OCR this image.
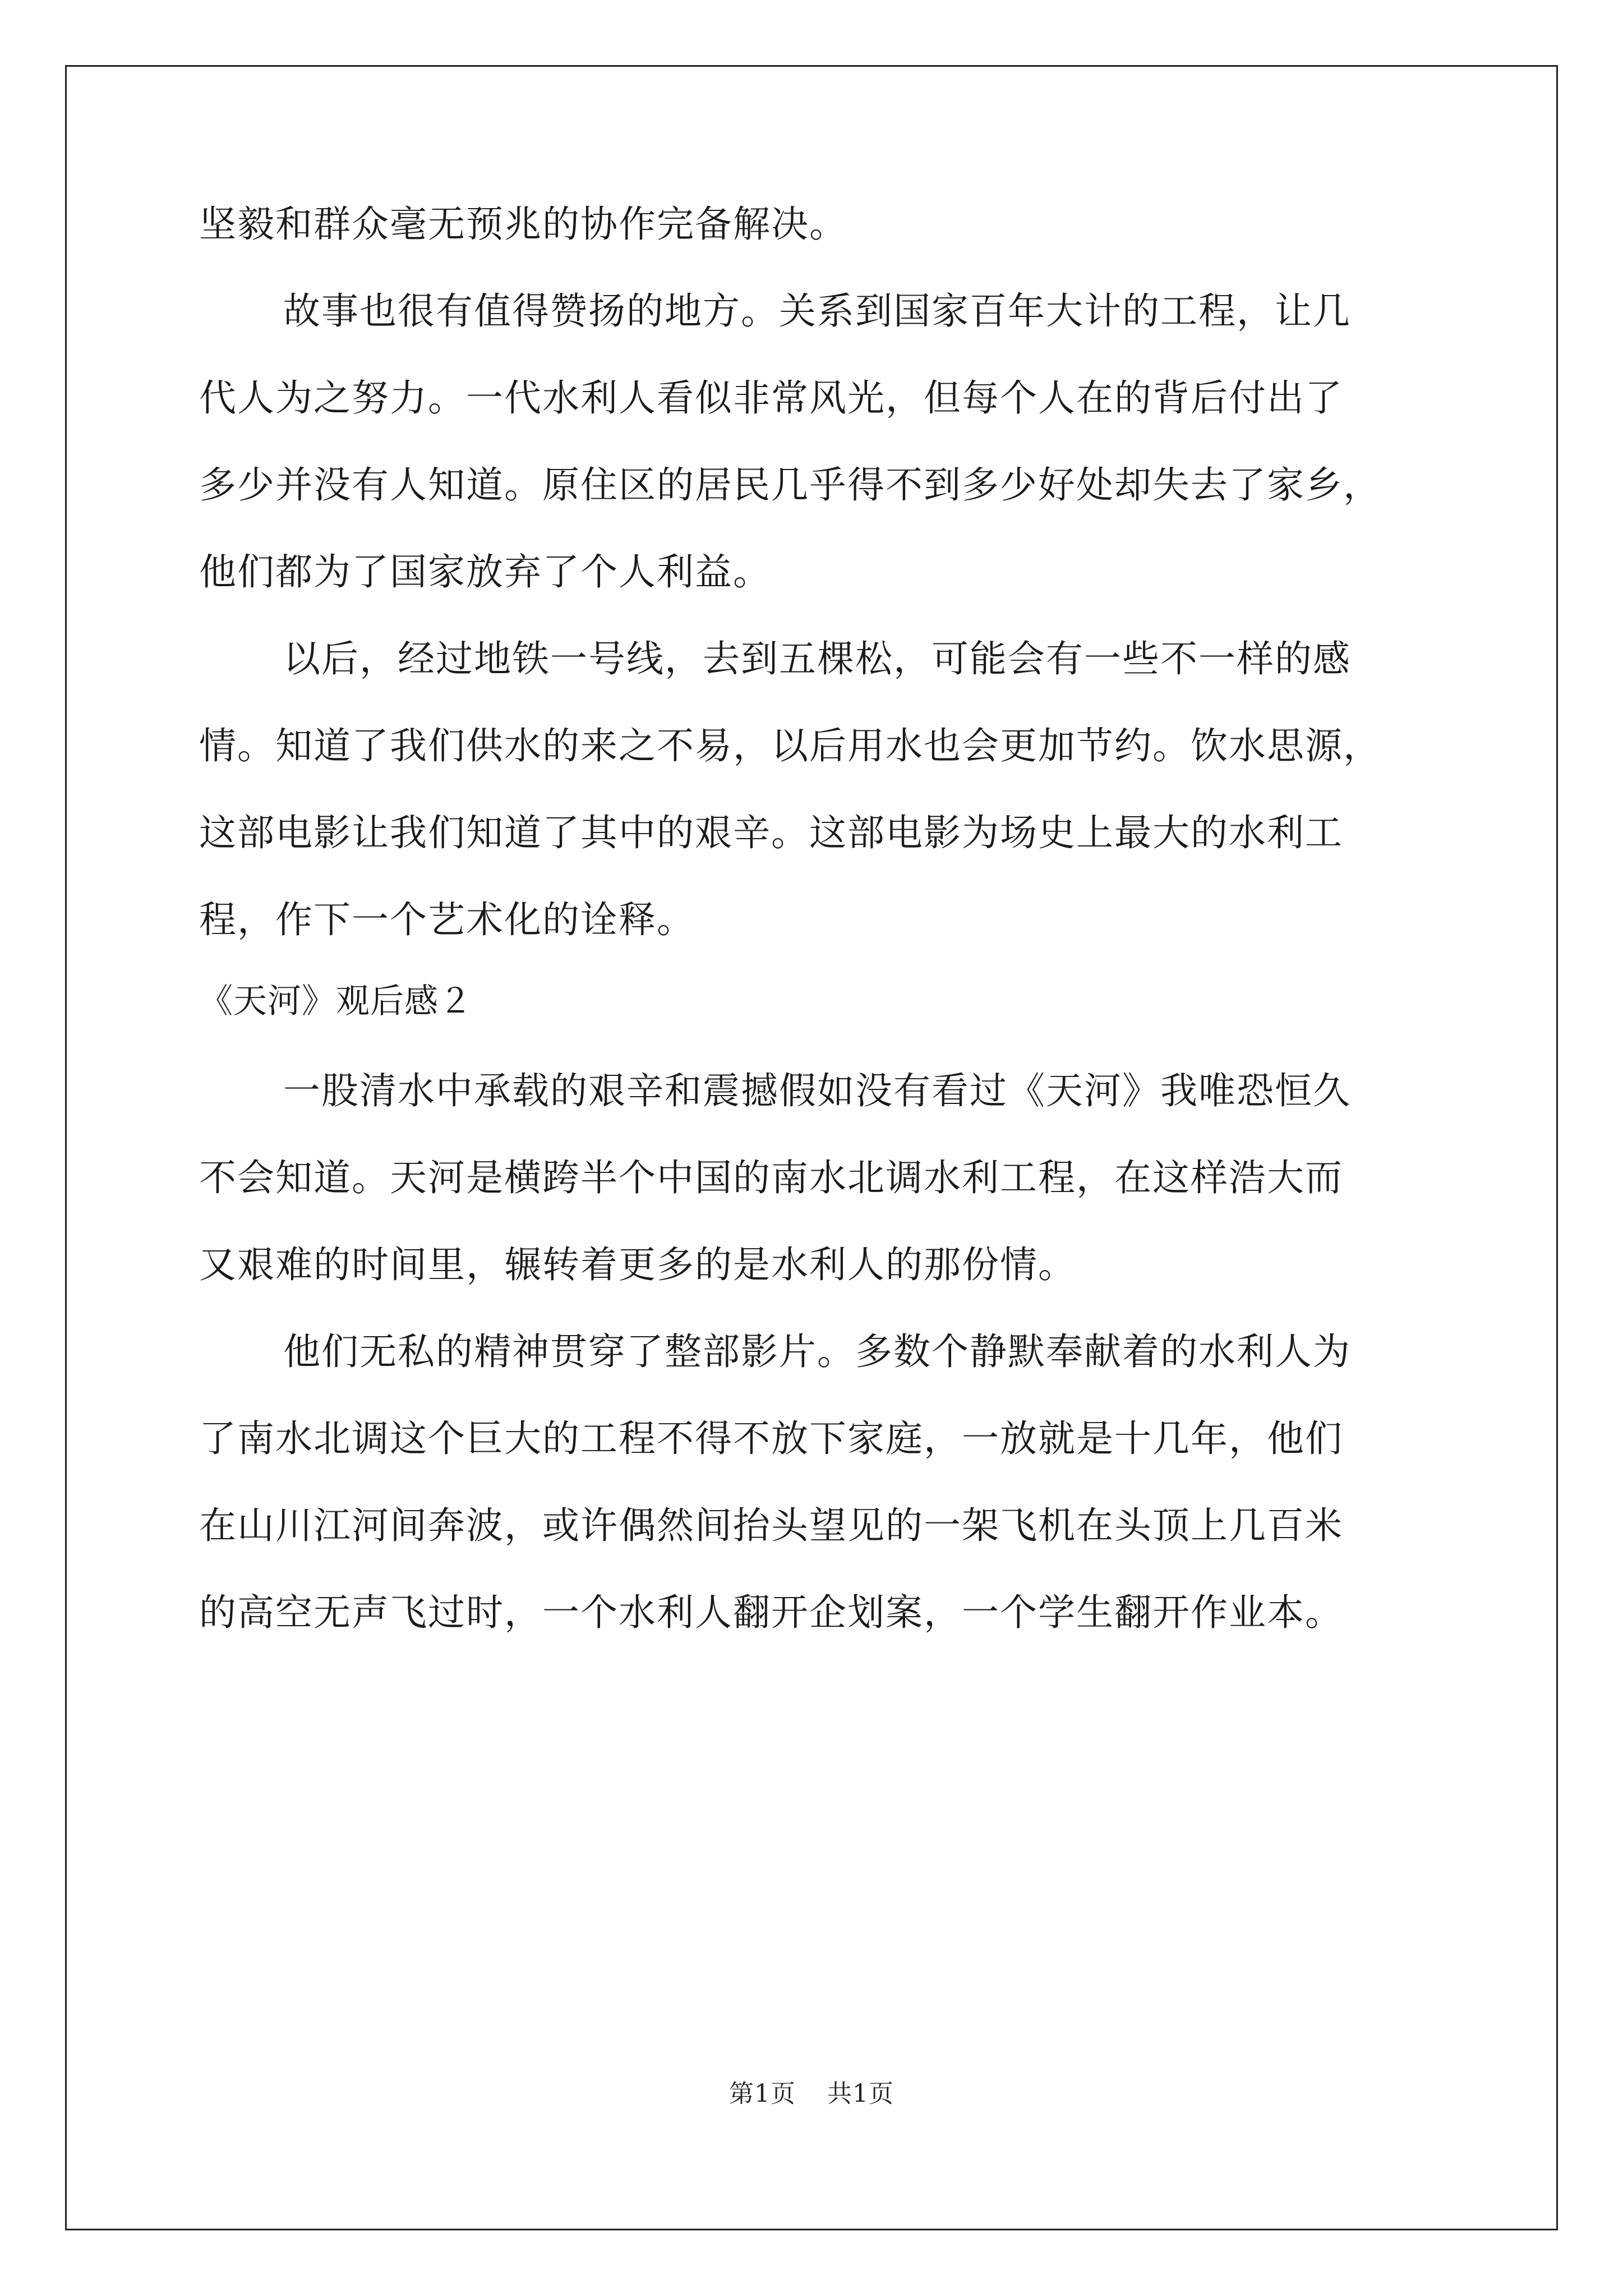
坚毅和群众毫无预兆的协作完备解决。
故事也很有值得赞扬的地方。关系到国家百年大计的工程，让几
代人为之努力。一代水利人看似非常风光，但每个人在的背后付出了
多少并没有人知道。原住区的居民几乎得不到多少好处却失去了家乡，
他们都为了国家放弃了个人利益。
以后，经过地铁一号线，去到五棵松，可能会有一些不一样的感
情。知道了我们供水的来之不易，以后用水也会更加节约。饮水思源，
这部电影让我们知道了其中的艰辛。这部电影为场史上最大的水利工
程，作下一个艺术化的诠释。
《天河》观后感２
一股清水中承载的艰辛和震撼假如没有看过《天河》我唯恐恒久
不会知道。天河是横跨半个中国的南水北调水利工程，在这样浩大而
又艰难的时间里，辗转着更多的是水利人的那份情。
他们无私的精神贯穿了整部影片。多数个静默奉献着的水利人为
了南水北调这个巨大的工程不得不放下家庭，一放就是十几年，他们
在山川江河间奔波，或许偶然间抬头望见的一架飞机在头顶上几百米
的高空无声飞过时，一个水利人翻开企划案，一个学生翻开作业本。
第1页 共1页
